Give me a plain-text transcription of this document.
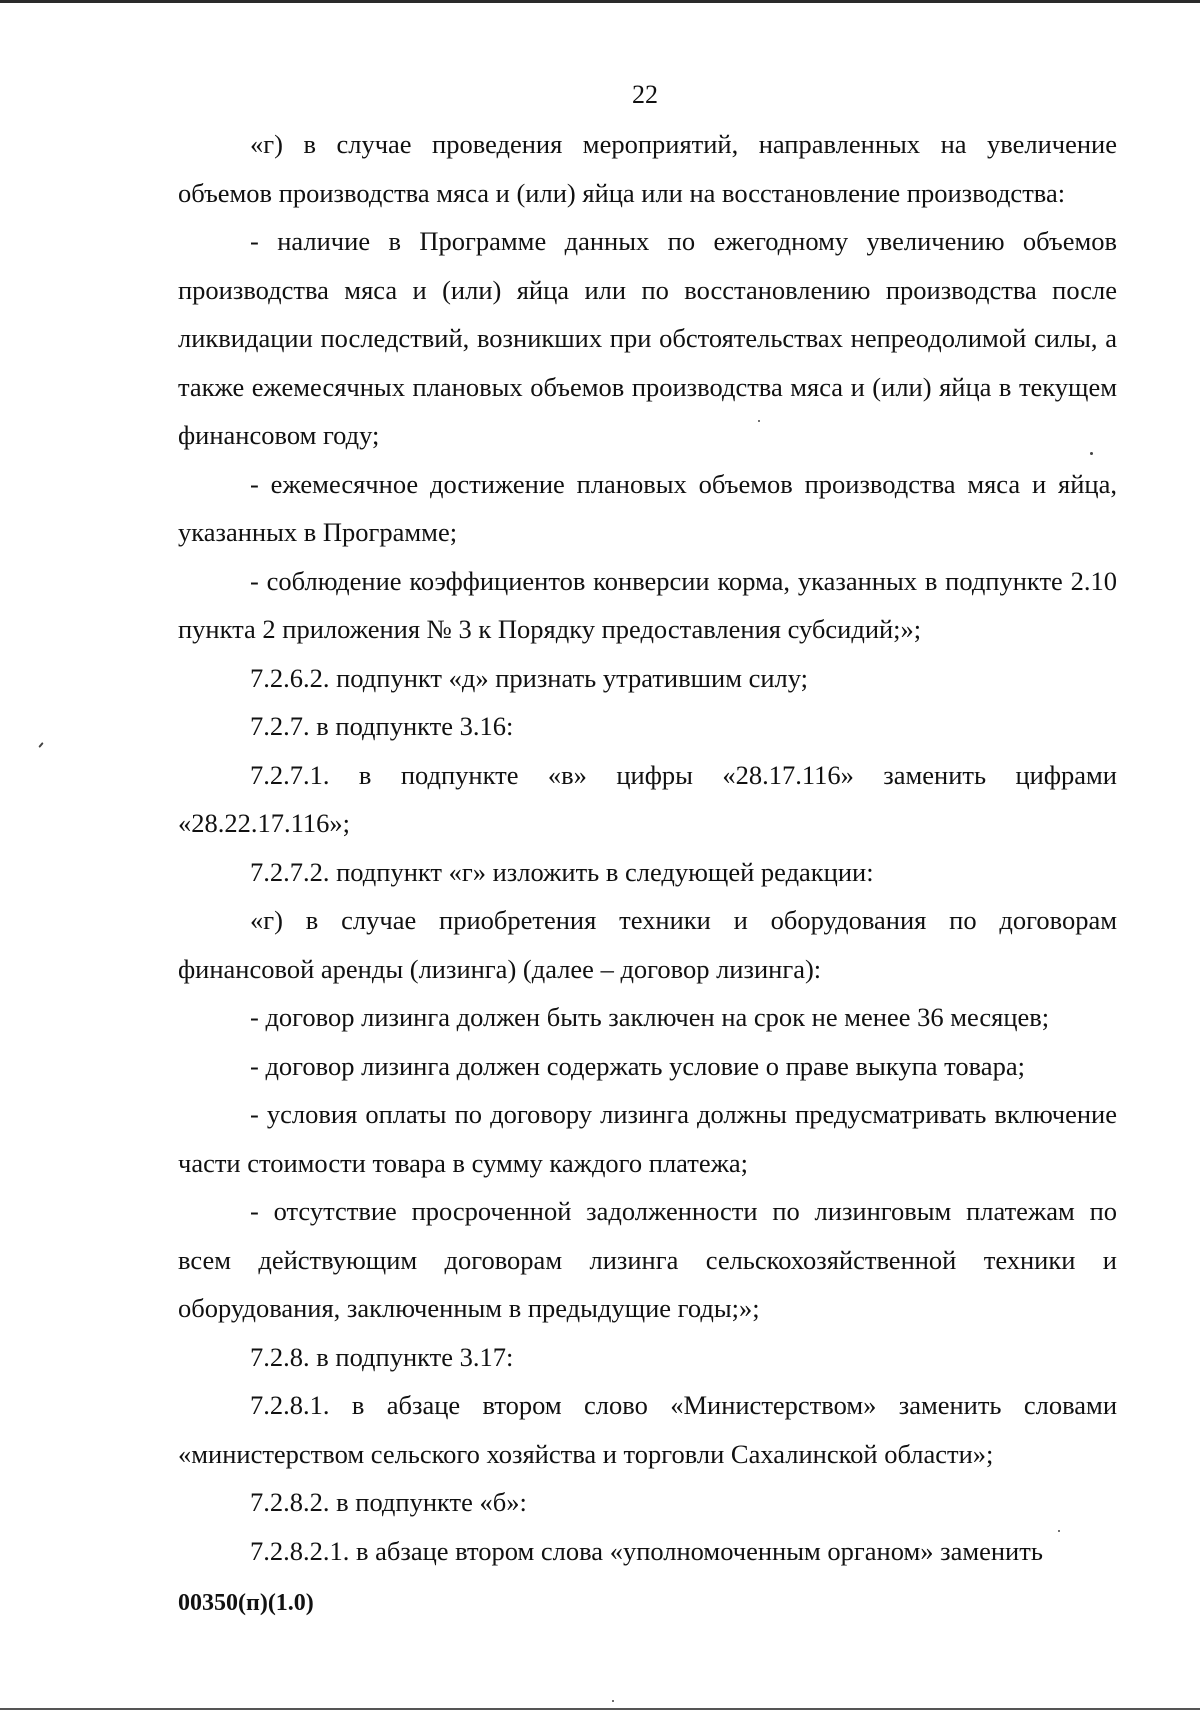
22

«г) в случае проведения мероприятий, направленных на увеличение объемов производства мяса и (или) яйца или на восстановление производства:

- наличие в Программе данных по ежегодному увеличению объемов производства мяса и (или) яйца или по восстановлению производства после ликвидации последствий, возникших при обстоятельствах непреодолимой силы, а также ежемесячных плановых объемов производства мяса и (или) яйца в текущем финансовом году;

- ежемесячное достижение плановых объемов производства мяса и яйца, указанных в Программе;

- соблюдение коэффициентов конверсии корма, указанных в подпункте 2.10 пункта 2 приложения № 3 к Порядку предоставления субсидий;»;

7.2.6.2. подпункт «д» признать утратившим силу;

7.2.7. в подпункте 3.16:

7.2.7.1. в подпункте «в» цифры «28.17.116» заменить цифрами «28.22.17.116»;

7.2.7.2. подпункт «г» изложить в следующей редакции:

«г) в случае приобретения техники и оборудования по договорам финансовой аренды (лизинга) (далее – договор лизинга):

- договор лизинга должен быть заключен на срок не менее 36 месяцев;

- договор лизинга должен содержать условие о праве выкупа товара;

- условия оплаты по договору лизинга должны предусматривать включение части стоимости товара в сумму каждого платежа;

- отсутствие просроченной задолженности по лизинговым платежам по всем действующим договорам лизинга сельскохозяйственной техники и оборудования, заключенным в предыдущие годы;»;

7.2.8. в подпункте 3.17:

7.2.8.1. в абзаце втором слово «Министерством» заменить словами «министерством сельского хозяйства и торговли Сахалинской области»;

7.2.8.2. в подпункте «б»:

7.2.8.2.1. в абзаце втором слова «уполномоченным органом» заменить

00350(п)(1.0)
